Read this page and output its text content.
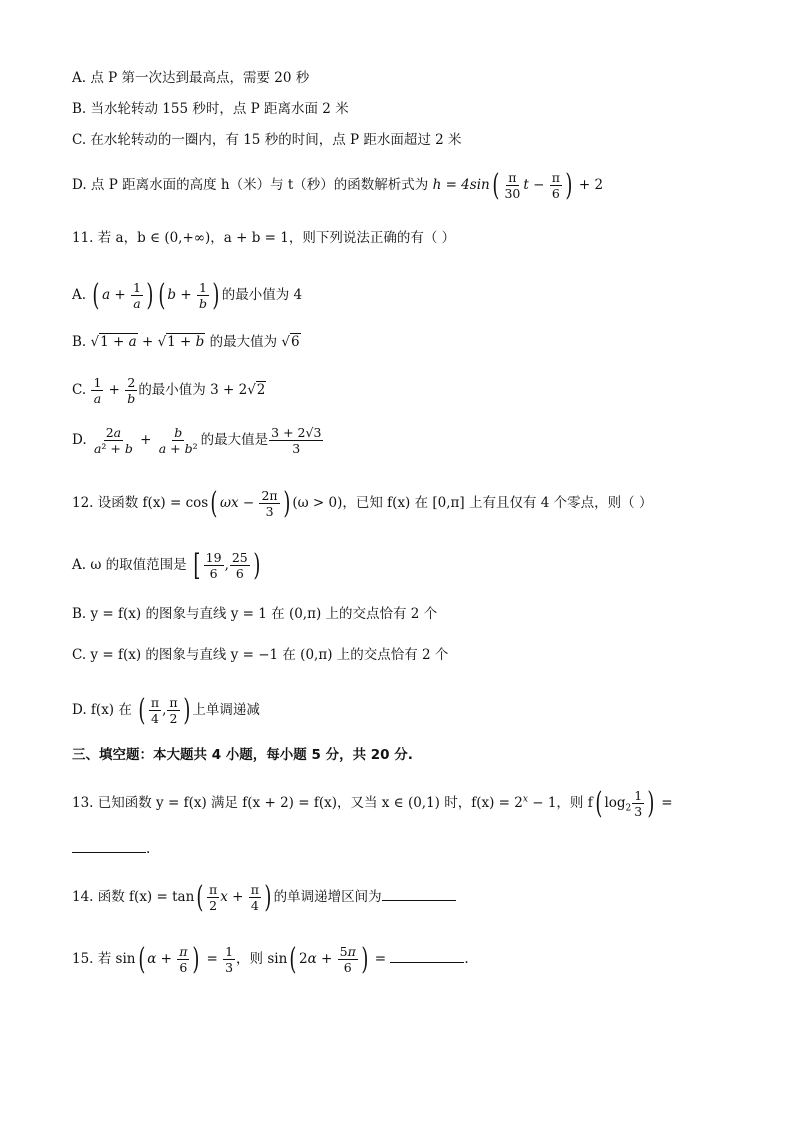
A. 点 P 第一次达到最高点，需要 20 秒
B. 当水轮转动 155 秒时，点 P 距离水面 2 米
C. 在水轮转动的一圈内，有 15 秒的时间，点 P 距水面超过 2 米
D. 点 P 距离水面的高度 h（米）与 t（秒）的函数解析式为 $h = 4\sin( \frac{\pi}{30}$ $t - \frac{\pi}{6}$ ) + 2
11. 若 a，b ∈ (0,+∞)，a + b = 1，则下列说法正确的有（ ）
A. ( $a + \frac{1}{a}$ ) ( $b + \frac{1}{b}$ ) 的最小值为 4
B. √1 + a + √1 + b 的最大值为 √6
C. $\frac{1}{a} + \frac{2}{b}$ 的最小值为 3 + 2√2
D. $\frac{2a}{\text{a² + b}} + \frac{b}{\text{a + b²}}$ 的最大值是 $\frac{3 + 2√3}{3}$
12. 设函数 f(x) = cos( $\omega x - \frac{2\pi}{3}$ ) (ω > 0)，已知 f(x) 在 [0,π] 上有且仅有 4 个零点，则（ ）
A. ω 的取值范围是 [ $\frac{19}{6}$ , $\frac{25}{6}$ )
B. y = f(x) 的图象与直线 y = 1 在 (0,π) 上的交点恰有 2 个
C. y = f(x) 的图象与直线 y = −1 在 (0,π) 上的交点恰有 2 个
D. f(x) 在 ( $\frac{\pi}{4}$ , $\frac{\pi}{2}$ ) 上单调递减
三、填空题：本大题共 4 小题，每小题 5 分，共 20 分.
13. 已知函数 y = f(x) 满足 f(x + 2) = f(x)，又当 x ∈ (0,1) 时，$f(x) = 2^x - 1$，则 f( $\log_2 \frac{1}{3}$ ) =
.
14. 函数 $f(x) = \tan( \frac{\pi}{2}$ $x + \frac{\pi}{4}$ ) 的单调递增区间为
15. 若 sin( $\alpha + \frac{\pi}{6}$ ) = $\frac{1}{3}$ ，则 sin( $2\alpha + \frac{5\pi}{6}$ ) =	.
